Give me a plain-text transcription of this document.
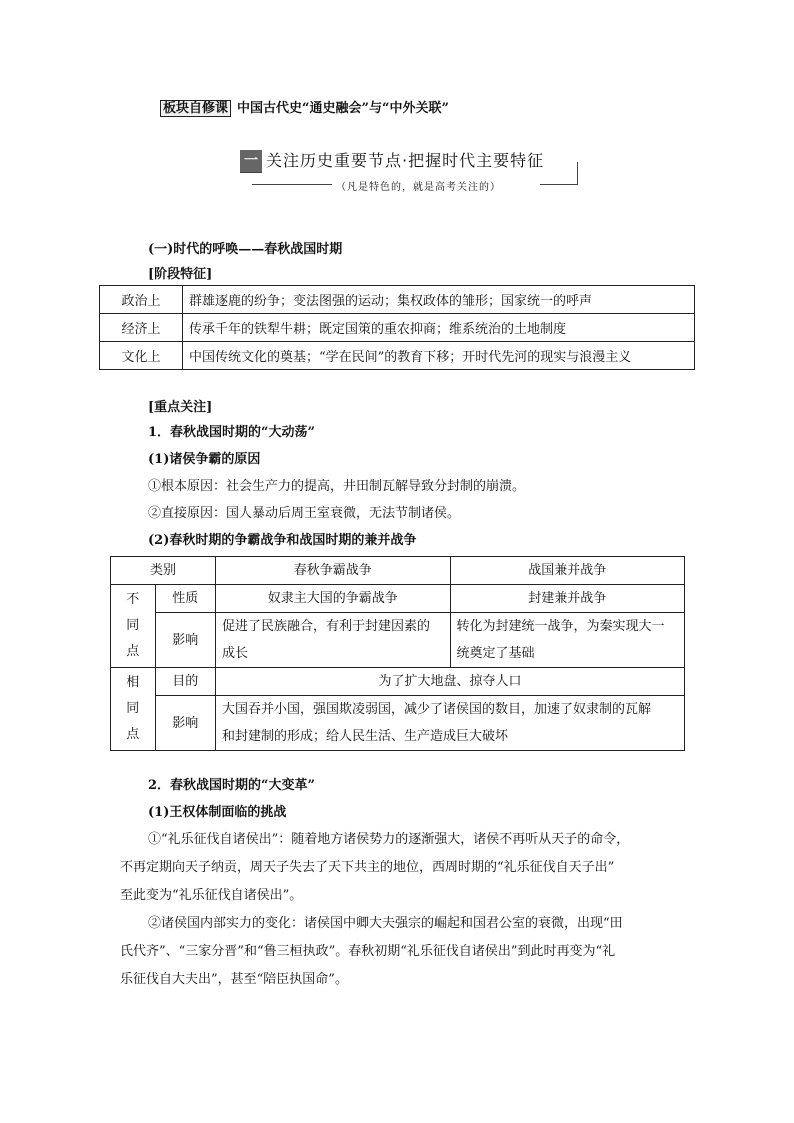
板块自修课 中国古代史“通史融会”与“中外关联”
一 关注历史重要节点·把握时代主要特征
（凡是特色的，就是高考关注的）
(一)时代的呼唤——春秋战国时期
[阶段特征]
政治上	群雄逐鹿的纷争；变法图强的运动；集权政体的雏形；国家统一的呼声
经济上	传承千年的铁犁牛耕；既定国策的重农抑商；维系统治的土地制度
文化上	中国传统文化的奠基；“学在民间”的教育下移；开时代先河的现实与浪漫主义
[重点关注]
1．春秋战国时期的“大动荡”
(1)诸侯争霸的原因
①根本原因：社会生产力的提高，井田制瓦解导致分封制的崩溃。
②直接原因：国人暴动后周王室衰微，无法节制诸侯。
(2)春秋时期的争霸战争和战国时期的兼并战争
类别		春秋争霸战争	战国兼并战争

不同点	性质	奴隶主大国的争霸战争	封建兼并战争
	影响	促进了民族融合，有利于封建因素的	转化为封建统一战争，为秦实现大一
		成长	统奠定了基础

相同点	目的	为了扩大地盘、掠夺人口	
	影响	大国吞并小国，强国欺凌弱国，减少了诸侯国的数目，加速了奴隶制的瓦解	
		和封建制的形成；给人民生活、生产造成巨大破坏	
2．春秋战国时期的“大变革”
(1)王权体制面临的挑战
①“礼乐征伐自诸侯出”：随着地方诸侯势力的逐渐强大，诸侯不再听从天子的命令，
不再定期向天子纳贡，周天子失去了天下共主的地位，西周时期的“礼乐征伐自天子出”
至此变为“礼乐征伐自诸侯出”。
②诸侯国内部实力的变化：诸侯国中卿大夫强宗的崛起和国君公室的衰微，出现“田
氏代齐”、“三家分晋”和“鲁三桓执政”。春秋初期“礼乐征伐自诸侯出”到此时再变为“礼
乐征伐自大夫出”，甚至“陪臣执国命”。
